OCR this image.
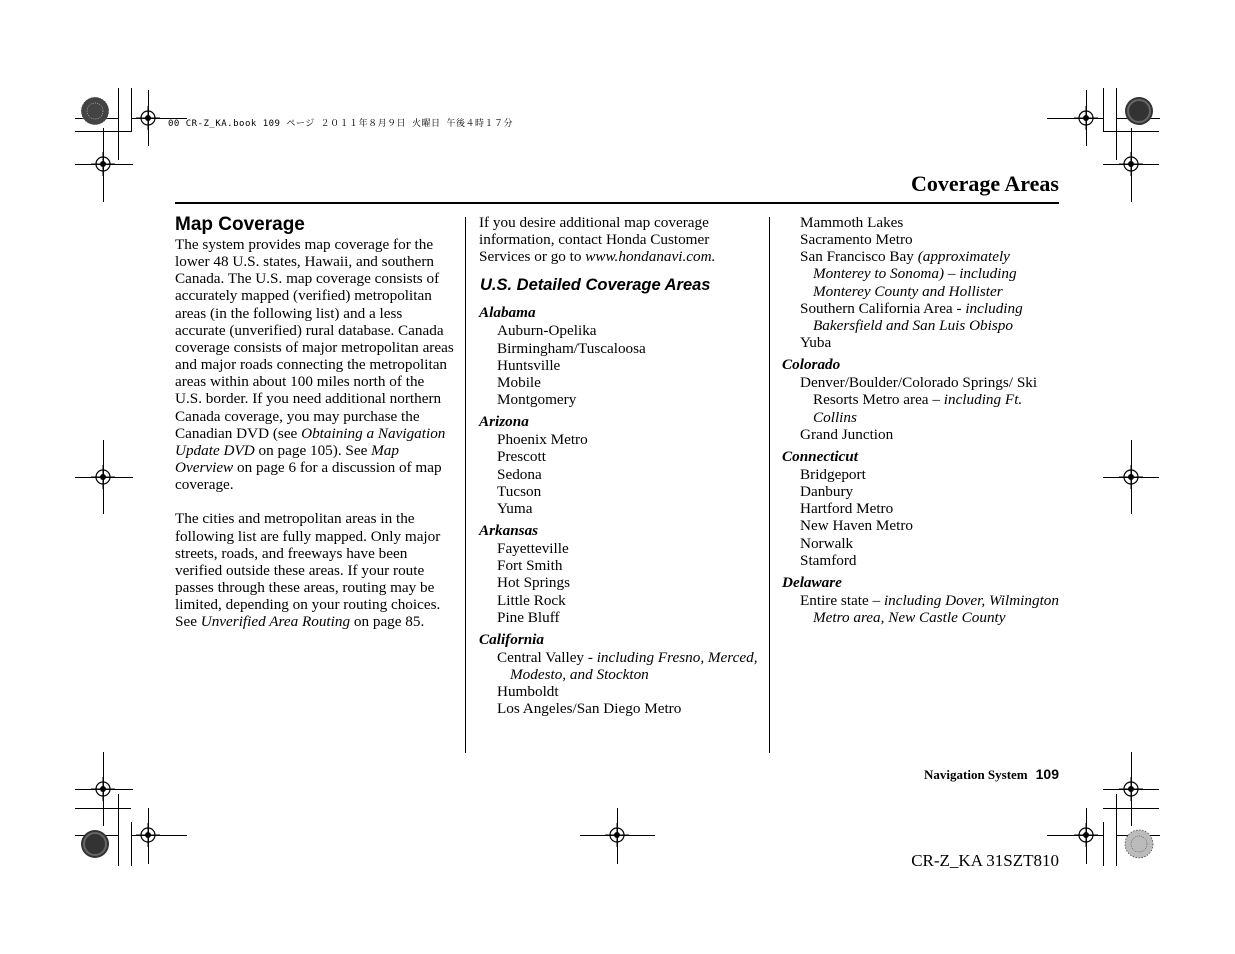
00 CR-Z_KA.book 109 ページ ２０１１年８月９日 火曜日 午後４時１７分
Coverage Areas
Map Coverage

The system provides map coverage for the lower 48 U.S. states, Hawaii, and southern Canada. The U.S. map coverage consists of accurately mapped (verified) metropolitan areas (in the following list) and a less accurate (unverified) rural database. Canada coverage consists of major metropolitan areas and major roads connecting the metropolitan areas within about 100 miles north of the U.S. border. If you need additional northern Canada coverage, you may purchase the Canadian DVD (see Obtaining a Navigation Update DVD on page 105). See Map Overview on page 6 for a discussion of map coverage.

The cities and metropolitan areas in the following list are fully mapped. Only major streets, roads, and freeways have been verified outside these areas. If your route passes through these areas, routing may be limited, depending on your routing choices. See Unverified Area Routing on page 85.

If you desire additional map coverage information, contact Honda Customer Services or go to www.hondanavi.com.

U.S. Detailed Coverage Areas
Alabama
Auburn-Opelika
Birmingham/Tuscaloosa
Huntsville
Mobile
Montgomery
Arizona
Phoenix Metro
Prescott
Sedona
Tucson
Yuma
Arkansas
Fayetteville
Fort Smith
Hot Springs
Little Rock
Pine Bluff
California
Central Valley - including Fresno, Merced, Modesto, and Stockton
Humboldt
Los Angeles/San Diego Metro
Mammoth Lakes
Sacramento Metro
San Francisco Bay (approximately Monterey to Sonoma) – including Monterey County and Hollister
Southern California Area - including Bakersfield and San Luis Obispo
Yuba
Colorado
Denver/Boulder/Colorado Springs/ Ski Resorts Metro area – including Ft. Collins
Grand Junction
Connecticut
Bridgeport
Danbury
Hartford Metro
New Haven Metro
Norwalk
Stamford
Delaware
Entire state – including Dover, Wilmington Metro area, New Castle County
Navigation System 109
CR-Z_KA 31SZT810
